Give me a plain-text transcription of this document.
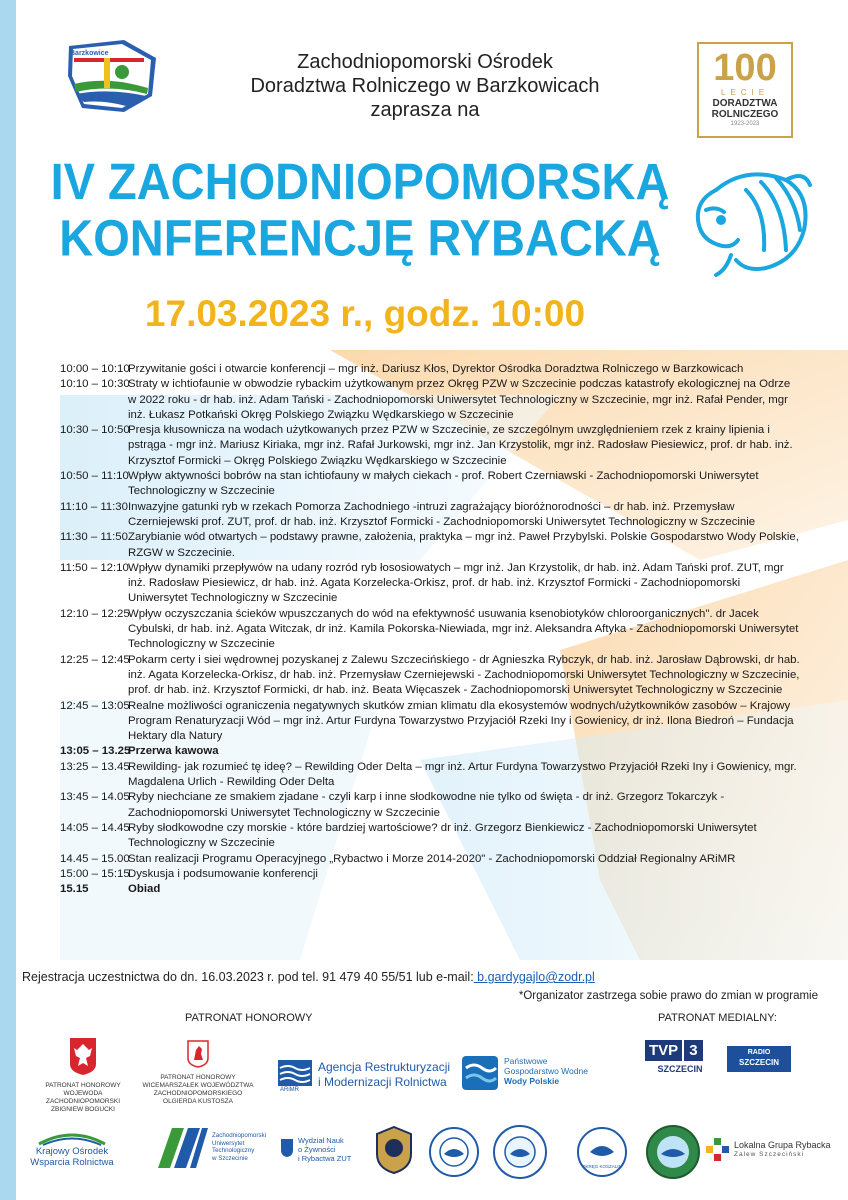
Barzkowice	Zachodniopomorski Ośrodek
Doradztwa Rolniczego w Barzkowicach
zaprasza na
100
LECIE
DORADZTWA
ROLNICZEGO
1923-2023
IV ZACHODNIOPOMORSKĄ
KONFERENCJĘ RYBACKĄ
17.03.2023 r., godz. 10:00
10:00 – 10:10
Przywitanie gości i otwarcie konferencji – mgr inż. Dariusz Kłos, Dyrektor Ośrodka Doradztwa Rolniczego w Barzkowicach
10:10 – 10:30
Straty w ichtiofaunie w obwodzie rybackim użytkowanym przez Okręg PZW w Szczecinie podczas katastrofy ekologicznej na Odrze w 2022 roku - dr hab. inż. Adam Tański - Zachodniopomorski Uniwersytet Technologiczny w Szczecinie, mgr inż. Rafał Pender, mgr inż. Łukasz Potkański Okręg Polskiego Związku Wędkarskiego w Szczecinie
10:30 – 10:50
Presja kłusownicza na wodach użytkowanych przez PZW w Szczecinie, ze szczególnym uwzględnieniem rzek z krainy lipienia i pstrąga - mgr inż. Mariusz Kiriaka, mgr inż. Rafał Jurkowski, mgr inż. Jan Krzystolik, mgr inż. Radosław Piesiewicz, prof. dr hab. inż. Krzysztof Formicki – Okręg Polskiego Związku Wędkarskiego w Szczecinie
10:50 – 11:10 Wpływ aktywności bobrów na stan ichtiofauny w małych ciekach - prof. Robert Czerniawski - Zachodniopomorski Uniwersytet Technologiczny w Szczecinie
11:10 – 11:30 Inwazyjne gatunki ryb w rzekach Pomorza Zachodniego -intruzi zagrażający bioróżnorodności – dr hab. inż. Przemysław Czerniejewski prof. ZUT, prof. dr hab. inż. Krzysztof Formicki - Zachodniopomorski Uniwersytet Technologiczny w Szczecinie
11:30 – 11:50 Zarybianie wód otwartych – podstawy prawne, założenia, praktyka – mgr inż. Paweł Przybylski. Polskie Gospodarstwo Wody Polskie, RZGW w Szczecinie.
11:50 – 12:10 Wpływ dynamiki przepływów na udany rozród ryb łososiowatych – mgr inż. Jan Krzystolik, dr hab. inż. Adam Tański prof. ZUT, mgr inż. Radosław Piesiewicz, dr hab. inż. Agata Korzelecka-Orkisz, prof. dr hab. inż. Krzysztof Formicki - Zachodniopomorski Uniwersytet Technologiczny w Szczecinie
12:10 – 12:25
Wpływ oczyszczania ścieków wpuszczanych do wód na efektywność usuwania ksenobiotyków chloroorganicznych". dr Jacek Cybulski, dr hab. inż. Agata Witczak, dr inż. Kamila Pokorska-Niewiada, mgr inż. Aleksandra Aftyka - Zachodniopomorski Uniwersytet Technologiczny w Szczecinie
12:25 – 12:45
Pokarm certy i siei wędrownej pozyskanej z Zalewu Szczecińskiego - dr Agnieszka Rybczyk, dr hab. inż. Jarosław Dąbrowski, dr hab. inż. Agata Korzelecka-Orkisz, dr hab. inż. Przemysław Czerniejewski - Zachodniopomorski Uniwersytet Technologiczny w Szczecinie, prof. dr hab. inż. Krzysztof Formicki, dr hab. inż. Beata Więcaszek - Zachodniopomorski Uniwersytet Technologiczny w Szczecinie
12:45 – 13:05
Realne możliwości ograniczenia negatywnych skutków zmian klimatu dla ekosystemów wodnych/użytkowników zasobów – Krajowy Program Renaturyzacji Wód – mgr inż. Artur Furdyna Towarzystwo Przyjaciół Rzeki Iny i Gowienicy, dr inż. Ilona Biedroń – Fundacja Hektary dla Natury
13:05 – 13.25
Przerwa kawowa
13:25 – 13.45
Rewilding- jak rozumieć tę ideę? – Rewilding Oder Delta – mgr inż. Artur Furdyna Towarzystwo Przyjaciół Rzeki Iny i Gowienicy, mgr. Magdalena Urlich - Rewilding Oder Delta
13:45 – 14.05
Ryby niechciane ze smakiem zjadane - czyli karp i inne słodkowodne nie tylko od święta - dr inż. Grzegorz Tokarczyk - Zachodniopomorski Uniwersytet Technologiczny w Szczecinie
14:05 – 14.45
Ryby słodkowodne czy morskie - które bardziej wartościowe? dr inż. Grzegorz Bienkiewicz - Zachodniopomorski Uniwersytet Technologiczny w Szczecinie
14.45 – 15.00
Stan realizacji Programu Operacyjnego „Rybactwo i Morze 2014-2020" - Zachodniopomorski Oddział Regionalny ARiMR
15:00 – 15:15
Dyskusja i podsumowanie konferencji
15.15	Obiad
Rejestracja uczestnictwa do dn. 16.03.2023 r. pod tel. 91 479 40 55/51 lub e-mail: b.gardygajlo@zodr.pl
*Organizator zastrzega sobie prawo do zmian w programie
PATRONAT HONOROWY	PATRONAT MEDIALNY:
PATRONAT HONOROWY
WOJEWODA ZACHODNIOPOMORSKI
ZBIGNIEW BOGUCKI
PATRONAT HONOROWY
WICEMARSZAŁEK WOJEWÓDZTWA
ZACHODNIOPOMORSKIEGO
OLGIERDA KUSTOSZA
ARiMR
Agencja Restrukturyzacji
i Modernizacji Rolnictwa
Państwowe
Gospodarstwo Wodne
Wody Polskie
TVP 3
SZCZECIN
RADIO
SZCZECIN
Krajowy Ośrodek
Wsparcia Rolnictwa
Zachodniopomorski
Uniwersytet
Technologiczny
w Szczecinie
Wydział Nauk
o Żywności
i Rybactwa ZUT
OKRĘG KOSZALIN
Lokalna Grupa Rybacka
Zalew Szczeciński
